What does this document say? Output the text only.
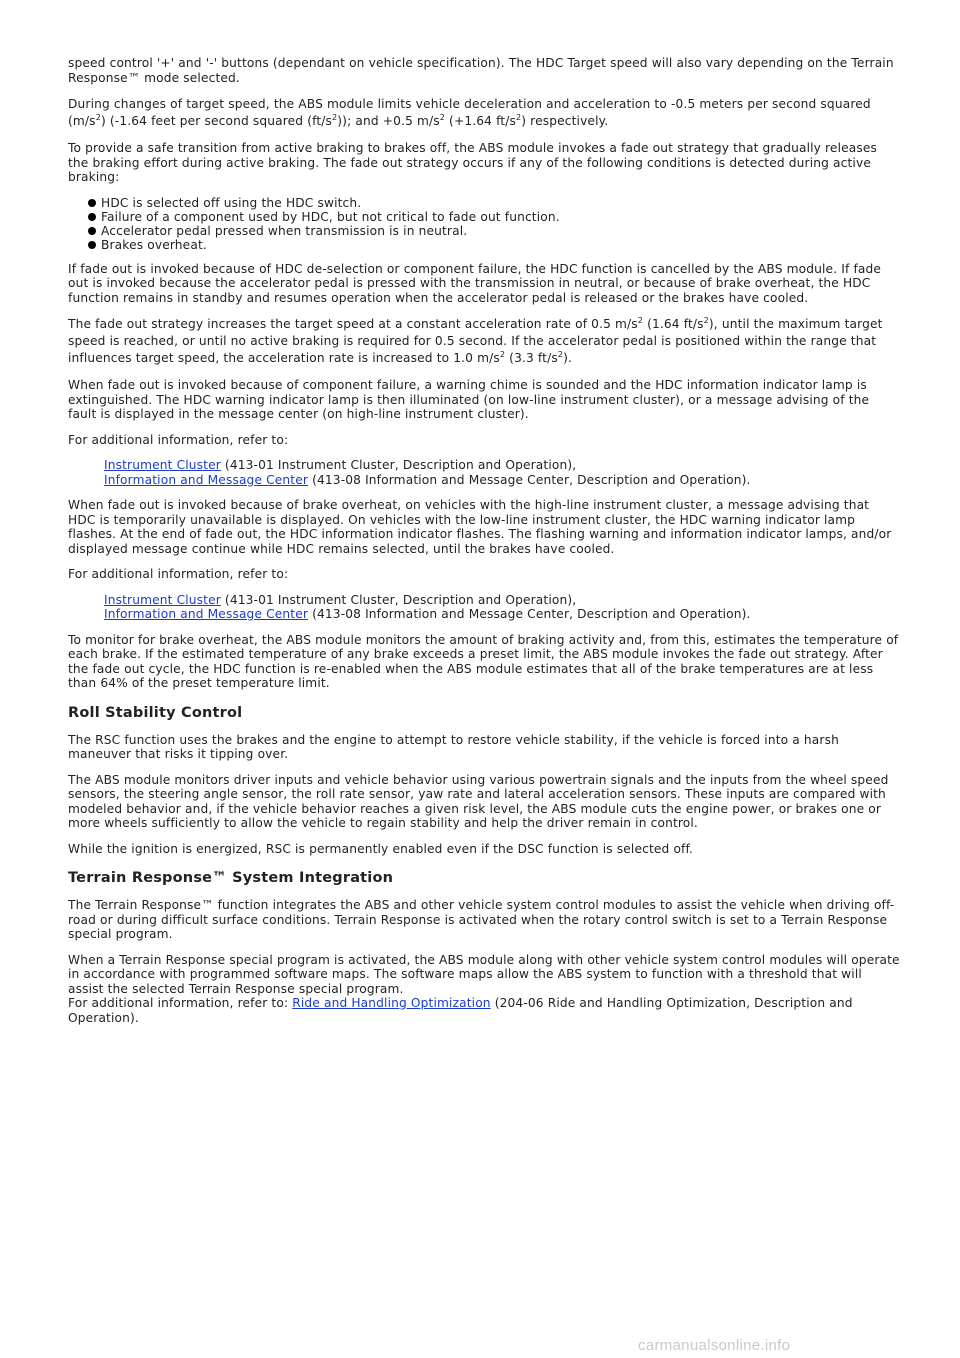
speed control '+' and '-' buttons (dependant on vehicle specification). The HDC Target speed will also vary depending on the Terrain Response™ mode selected.

During changes of target speed, the ABS module limits vehicle deceleration and acceleration to -0.5 meters per second squared $(m/s^2)$ (-1.64 feet per second squared $(ft/s^2)$); and +0.5 $m/s^2$ (+1.64 $ft/s^2$) respectively.

To provide a safe transition from active braking to brakes off, the ABS module invokes a fade out strategy that gradually releases the braking effort during active braking. The fade out strategy occurs if any of the following conditions is detected during active braking:

HDC is selected off using the HDC switch.
Failure of a component used by HDC, but not critical to fade out function.
Accelerator pedal pressed when transmission is in neutral.
Brakes overheat.

If fade out is invoked because of HDC de-selection or component failure, the HDC function is cancelled by the ABS module. If fade out is invoked because the accelerator pedal is pressed with the transmission in neutral, or because of brake overheat, the HDC function remains in standby and resumes operation when the accelerator pedal is released or the brakes have cooled.

The fade out strategy increases the target speed at a constant acceleration rate of 0.5 $m/s^2$ (1.64 $ft/s^2$), until the maximum target speed is reached, or until no active braking is required for 0.5 second. If the accelerator pedal is positioned within the range that influences target speed, the acceleration rate is increased to 1.0 $m/s^2$ (3.3 $ft/s^2$).

When fade out is invoked because of component failure, a warning chime is sounded and the HDC information indicator lamp is extinguished. The HDC warning indicator lamp is then illuminated (on low-line instrument cluster), or a message advising of the fault is displayed in the message center (on high-line instrument cluster).

For additional information, refer to:

Instrument Cluster (413-01 Instrument Cluster, Description and Operation),
Information and Message Center (413-08 Information and Message Center, Description and Operation).

When fade out is invoked because of brake overheat, on vehicles with the high-line instrument cluster, a message advising that HDC is temporarily unavailable is displayed. On vehicles with the low-line instrument cluster, the HDC warning indicator lamp flashes. At the end of fade out, the HDC information indicator flashes. The flashing warning and information indicator lamps, and/or displayed message continue while HDC remains selected, until the brakes have cooled.

For additional information, refer to:

Instrument Cluster (413-01 Instrument Cluster, Description and Operation),
Information and Message Center (413-08 Information and Message Center, Description and Operation).

To monitor for brake overheat, the ABS module monitors the amount of braking activity and, from this, estimates the temperature of each brake. If the estimated temperature of any brake exceeds a preset limit, the ABS module invokes the fade out strategy. After the fade out cycle, the HDC function is re-enabled when the ABS module estimates that all of the brake temperatures are at less than 64% of the preset temperature limit.

Roll Stability Control

The RSC function uses the brakes and the engine to attempt to restore vehicle stability, if the vehicle is forced into a harsh maneuver that risks it tipping over.

The ABS module monitors driver inputs and vehicle behavior using various powertrain signals and the inputs from the wheel speed sensors, the steering angle sensor, the roll rate sensor, yaw rate and lateral acceleration sensors. These inputs are compared with modeled behavior and, if the vehicle behavior reaches a given risk level, the ABS module cuts the engine power, or brakes one or more wheels sufficiently to allow the vehicle to regain stability and help the driver remain in control.

While the ignition is energized, RSC is permanently enabled even if the DSC function is selected off.

Terrain Response™ System Integration

The Terrain Response™ function integrates the ABS and other vehicle system control modules to assist the vehicle when driving off-road or during difficult surface conditions. Terrain Response is activated when the rotary control switch is set to a Terrain Response special program.

When a Terrain Response special program is activated, the ABS module along with other vehicle system control modules will operate in accordance with programmed software maps. The software maps allow the ABS system to function with a threshold that will assist the selected Terrain Response special program.
For additional information, refer to: Ride and Handling Optimization (204-06 Ride and Handling Optimization, Description and Operation).

carmanualsonline.info
